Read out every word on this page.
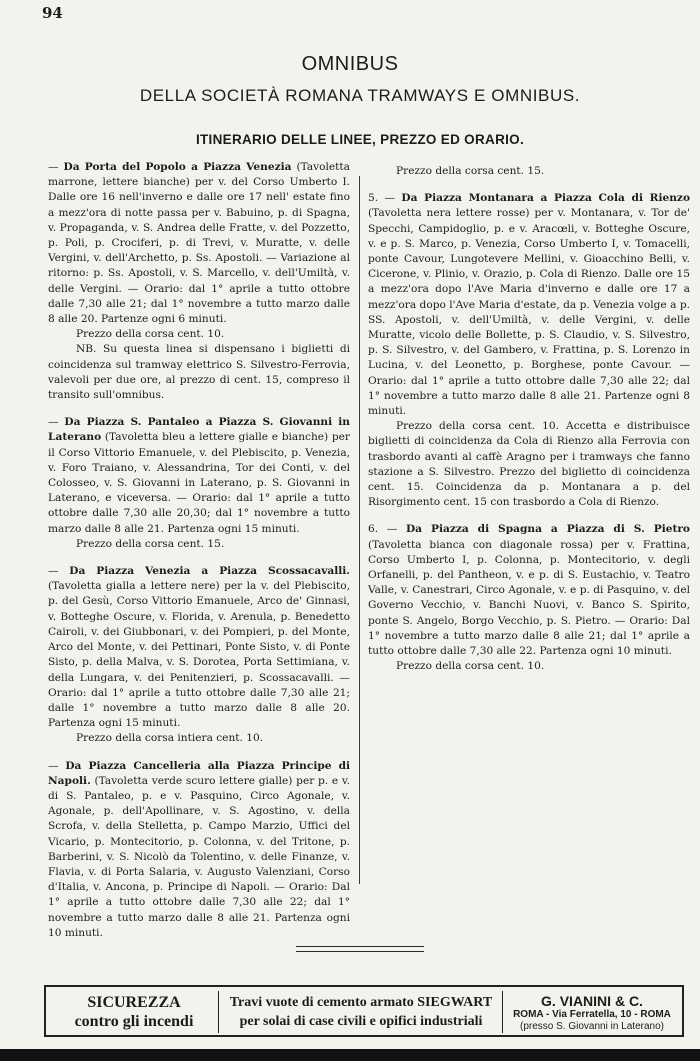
94
OMNIBUS
DELLA SOCIETÀ ROMANA TRAMWAYS E OMNIBUS.
ITINERARIO DELLE LINEE, PREZZO ED ORARIO.

— Da Porta del Popolo a Piazza Venezia (Tavoletta marrone, lettere bianche) per v. del Corso Umberto I. Dalle ore 16 nell'inverno e dalle ore 17 nell' estate fino a mezz'ora di notte passa per v. Babuino, p. di Spagna, v. Propaganda, v. S. Andrea delle Fratte, v. del Pozzetto, p. Poli, p. Crociferi, p. di Trevi, v. Muratte, v. delle Vergini, v. dell'Archetto, p. Ss. Apostoli. — Variazione al ritorno: p. Ss. Apostoli, v. S. Marcello, v. dell'Umiltà, v. delle Vergini. — Orario: dal 1° aprile a tutto ottobre dalle 7,30 alle 21; dal 1° novembre a tutto marzo dalle 8 alle 20. Partenze ogni 6 minuti.

Prezzo della corsa cent. 10.

NB. Su questa linea si dispensano i biglietti di coincidenza sul tramway elettrico S. Silvestro-Ferrovia, valevoli per due ore, al prezzo di cent. 15, compreso il transito sull'omnibus.

— Da Piazza S. Pantaleo a Piazza S. Giovanni in Laterano (Tavoletta bleu a lettere gialle e bianche) per il Corso Vittorio Emanuele, v. del Plebiscito, p. Venezia, v. Foro Traiano, v. Alessandrina, Tor dei Conti, v. del Colosseo, v. S. Giovanni in Laterano, p. S. Giovanni in Laterano, e viceversa. — Orario: dal 1° aprile a tutto ottobre dalle 7,30 alle 20,30; dal 1° novembre a tutto marzo dalle 8 alle 21. Partenza ogni 15 minuti.

Prezzo della corsa cent. 15.

— Da Piazza Venezia a Piazza Scossacavalli. (Tavoletta gialla a lettere nere) per la v. del Plebiscito, p. del Gesù, Corso Vittorio Emanuele, Arco de' Ginnasi, v. Botteghe Oscure, v. Florida, v. Arenula, p. Benedetto Cairoli, v. dei Giubbonari, v. dei Pompieri, p. del Monte, Arco del Monte, v. dei Pettinari, Ponte Sisto, v. di Ponte Sisto, p. della Malva, v. S. Dorotea, Porta Settimiana, v. della Lungara, v. dei Penitenzieri, p. Scossacavalli. — Orario: dal 1° aprile a tutto ottobre dalle 7,30 alle 21; dalle 1° novembre a tutto marzo dalle 8 alle 20. Partenza ogni 15 minuti.

Prezzo della corsa intiera cent. 10.

— Da Piazza Cancelleria alla Piazza Principe di Napoli. (Tavoletta verde scuro lettere gialle) per p. e v. di S. Pantaleo, p. e v. Pasquino, Circo Agonale, v. Agonale, p. dell'Apollinare, v. S. Agostino, v. della Scrofa, v. della Stelletta, p. Campo Marzio, Uffici del Vicario, p. Montecitorio, p. Colonna, v. del Tritone, p. Barberini, v. S. Nicolò da Tolentino, v. delle Finanze, v. Flavia, v. di Porta Salaria, v. Augusto Valenziani, Corso d'Italia, v. Ancona, p. Principe di Napoli. — Orario: Dal 1° aprile a tutto ottobre dalle 7,30 alle 22; dal 1° novembre a tutto marzo dalle 8 alle 21. Partenza ogni 10 minuti.

Prezzo della corsa cent. 15.

5. — Da Piazza Montanara a Piazza Cola di Rienzo (Tavoletta nera lettere rosse) per v. Montanara, v. Tor de' Specchi, Campidoglio, p. e v. Aracœli, v. Botteghe Oscure, v. e p. S. Marco, p. Venezia, Corso Umberto I, v. Tomacelli, ponte Cavour, Lungotevere Mellini, v. Gioacchino Belli, v. Cicerone, v. Plinio, v. Orazio, p. Cola di Rienzo. Dalle ore 15 a mezz'ora dopo l'Ave Maria d'inverno e dalle ore 17 a mezz'ora dopo l'Ave Maria d'estate, da p. Venezia volge a p. SS. Apostoli, v. dell'Umiltà, v. delle Vergini, v. delle Muratte, vicolo delle Bollette, p. S. Claudio, v. S. Silvestro, p. S. Silvestro, v. del Gambero, v. Frattina, p. S. Lorenzo in Lucina, v. del Leonetto, p. Borghese, ponte Cavour. — Orario: dal 1° aprile a tutto ottobre dalle 7,30 alle 22; dal 1° novembre a tutto marzo dalle 8 alle 21. Partenze ogni 8 minuti.

Prezzo della corsa cent. 10. Accetta e distribuisce biglietti di coincidenza da Cola di Rienzo alla Ferrovia con trasbordo avanti al caffè Aragno per i tramways che fanno stazione a S. Silvestro. Prezzo del biglietto di coincidenza cent. 15. Coincidenza da p. Montanara a p. del Risorgimento cent. 15 con trasbordo a Cola di Rienzo.

6. — Da Piazza di Spagna a Piazza di S. Pietro (Tavoletta bianca con diagonale rossa) per v. Frattina, Corso Umberto I, p. Colonna, p. Montecitorio, v. degli Orfanelli, p. del Pantheon, v. e p. di S. Eustachio, v. Teatro Valle, v. Canestrari, Circo Agonale, v. e p. di Pasquino, v. del Governo Vecchio, v. Banchi Nuovi, v. Banco S. Spirito, ponte S. Angelo, Borgo Vecchio, p. S. Pietro. — Orario: Dal 1° novembre a tutto marzo dalle 8 alle 21; dal 1° aprile a tutto ottobre dalle 7,30 alle 22. Partenza ogni 10 minuti.

Prezzo della corsa cent. 10.

SICUREZZA
contro gli incendi
Travi vuote di cemento armato SIEGWART
per solai di case civili e opifici industriali
G. VIANINI & C.
ROMA - Via Ferratella, 10 - ROMA
(presso S. Giovanni in Laterano)
